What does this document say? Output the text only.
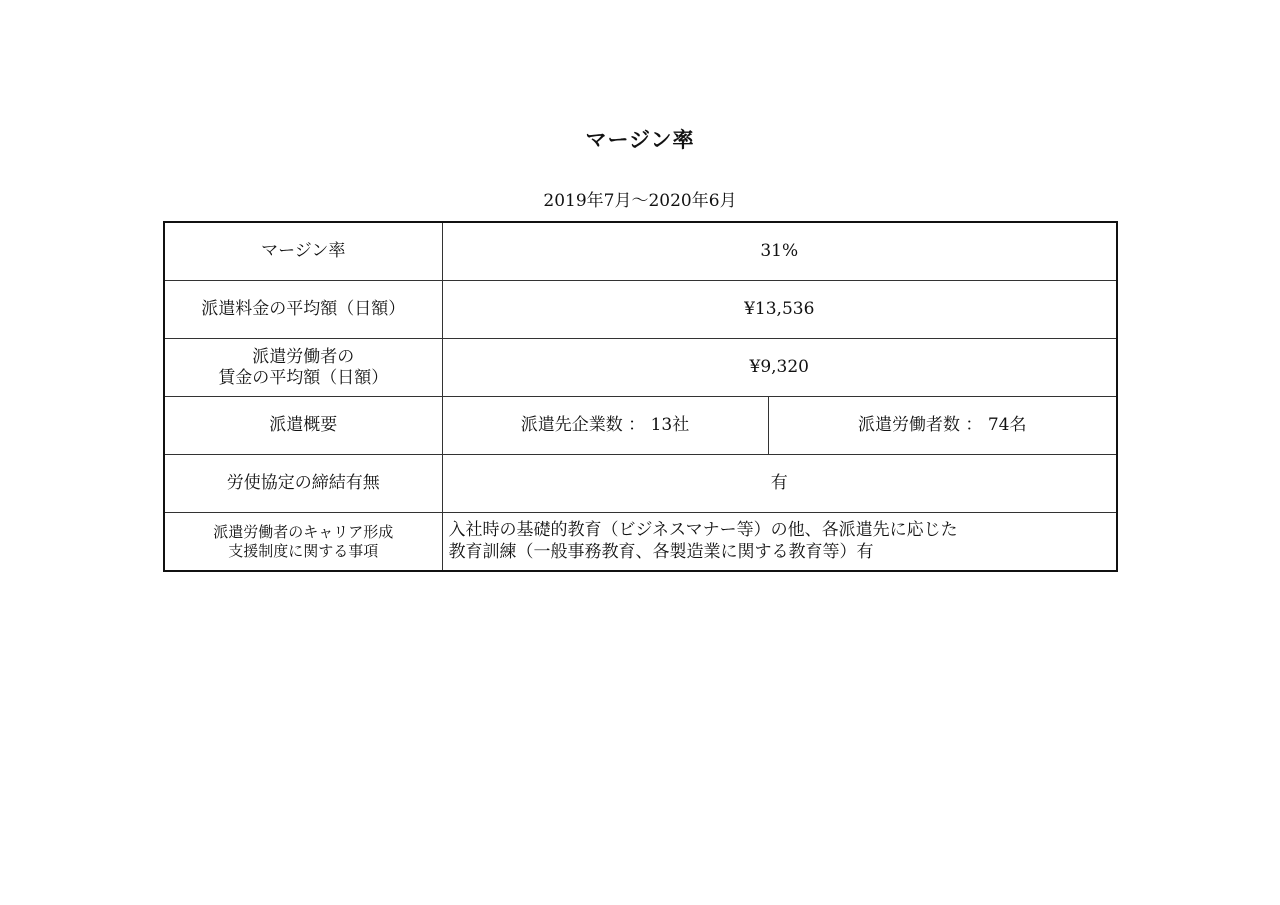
マージン率
2019年7月～2020年6月
マージン率	31%	
派遣料金の平均額（日額）	¥13,536	

派遣労働者の
賃金の平均額（日額）	¥9,320	
派遣概要	派遣先企業数 ： 13社	派遣労働者数 ： 74名
労使協定の締結有無	有	

派遣労働者のキャリア形成
支援制度に関する事項	入社時の基礎的教育（ビジネスマナー等）の他、各派遣先に応じた
教育訓練（一般事務教育、各製造業に関する教育等）有	
